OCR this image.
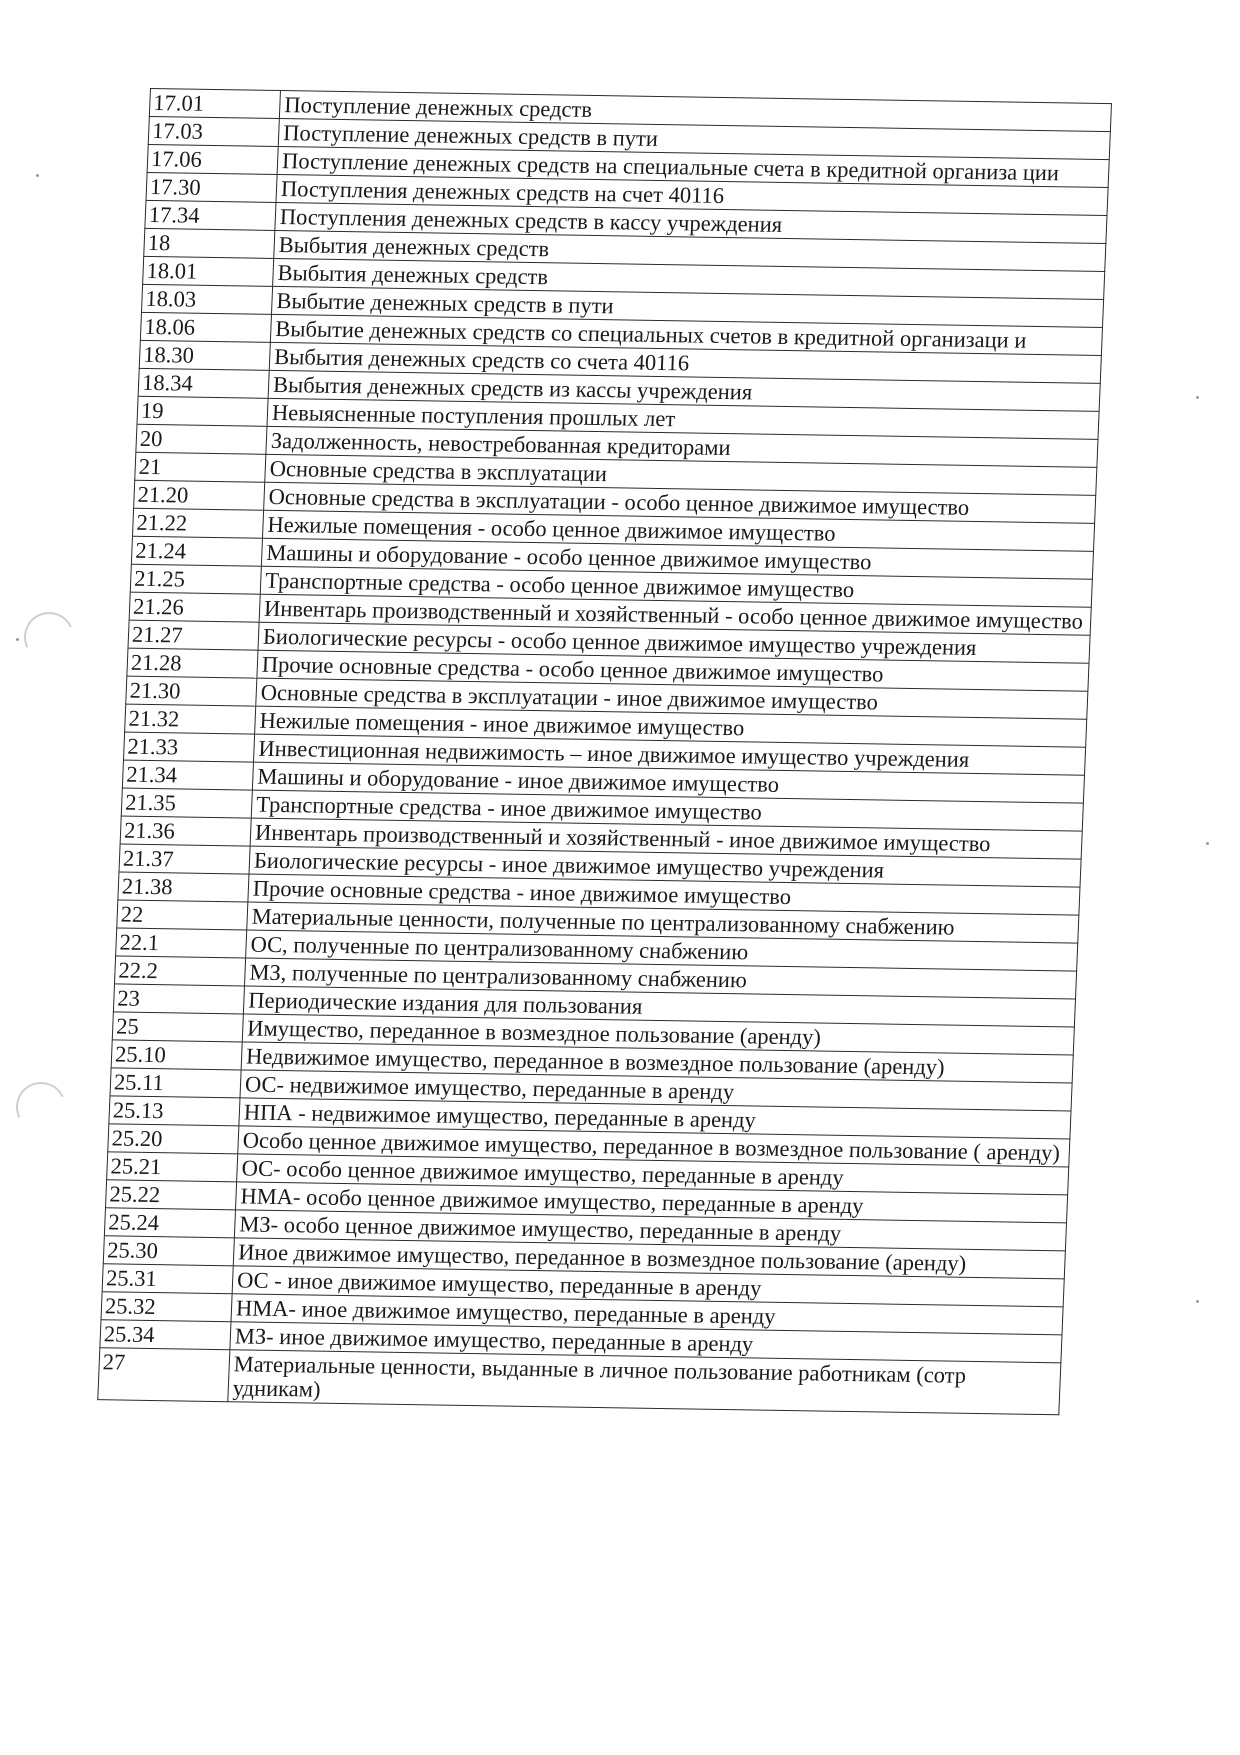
17.01	Поступление денежных средств
17.03	Поступление денежных средств в пути
17.06	Поступление денежных средств на специальные счета в кредитной организа ции
17.30	Поступления денежных средств на счет 40116
17.34	Поступления денежных средств в кассу учреждения
18	Выбытия денежных средств
18.01	Выбытия денежных средств
18.03	Выбытие денежных средств в пути
18.06	Выбытие денежных средств со специальных счетов в кредитной организаци и
18.30	Выбытия денежных средств со счета 40116
18.34	Выбытия денежных средств из кассы учреждения
19	Невыясненные поступления прошлых лет
20	Задолженность, невостребованная кредиторами
21	Основные средства в эксплуатации
21.20	Основные средства в эксплуатации - особо ценное движимое имущество
21.22	Нежилые помещения - особо ценное движимое имущество
21.24	Машины и оборудование - особо ценное движимое имущество
21.25	Транспортные средства - особо ценное движимое имущество
21.26	Инвентарь производственный и хозяйственный - особо ценное движимое имущество
21.27	Биологические ресурсы - особо ценное движимое имущество учреждения
21.28	Прочие основные средства - особо ценное движимое имущество
21.30	Основные средства в эксплуатации - иное движимое имущество
21.32	Нежилые помещения - иное движимое имущество
21.33	Инвестиционная недвижимость – иное движимое имущество учреждения
21.34	Машины и оборудование - иное движимое имущество
21.35	Транспортные средства - иное движимое имущество
21.36	Инвентарь производственный и хозяйственный - иное движимое имущество
21.37	Биологические ресурсы - иное движимое имущество учреждения
21.38	Прочие основные средства - иное движимое имущество
22	Материальные ценности, полученные по централизованному снабжению
22.1	ОС, полученные по централизованному снабжению
22.2	МЗ, полученные по централизованному снабжению
23	Периодические издания для пользования
25	Имущество, переданное в возмездное пользование (аренду)
25.10	Недвижимое имущество, переданное в возмездное пользование (аренду)
25.11	ОС- недвижимое имущество, переданные в аренду
25.13	НПА - недвижимое имущество, переданные в аренду
25.20	Особо ценное движимое имущество, переданное в возмездное пользование ( аренду)
25.21	ОС- особо ценное движимое имущество, переданные в аренду
25.22	НМА- особо ценное движимое имущество, переданные в аренду
25.24	МЗ- особо ценное движимое имущество, переданные в аренду
25.30	Иное движимое имущество, переданное в возмездное пользование (аренду)
25.31	ОС - иное движимое имущество, переданные в аренду
25.32	НМА- иное движимое имущество, переданные в аренду
25.34	МЗ- иное движимое имущество, переданные в аренду
27	Материальные ценности, выданные в личное пользование работникам (сотр удникам)
